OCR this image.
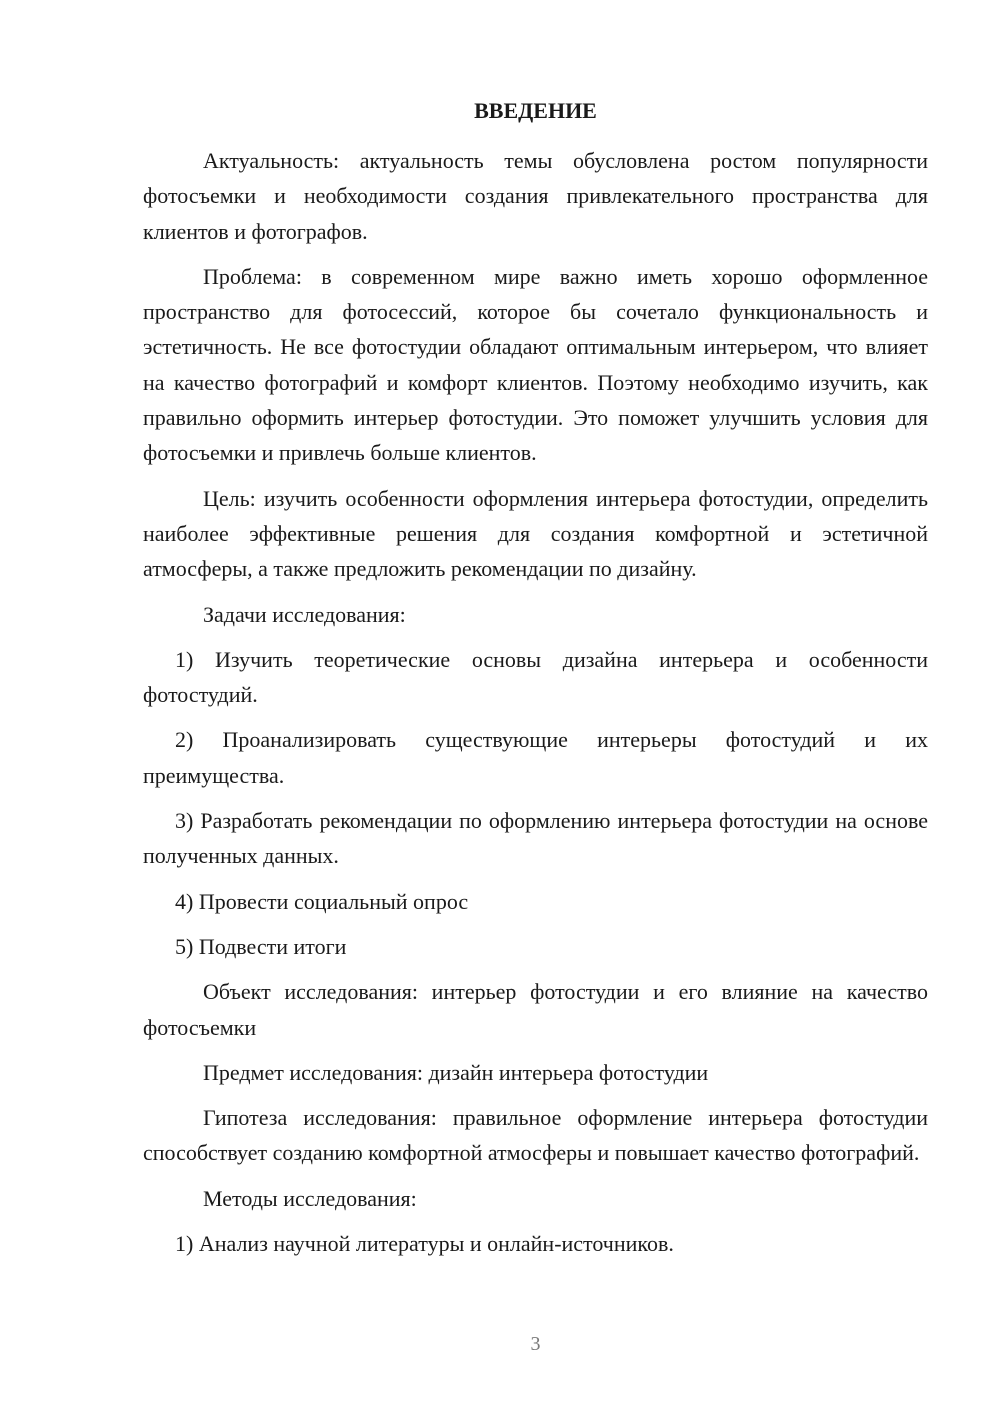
ВВЕДЕНИЕ

Актуальность: актуальность темы обусловлена ростом популярности фотосъемки и необходимости создания привлекательного пространства для клиентов и фотографов.

Проблема: в современном мире важно иметь хорошо оформленное пространство для фотосессий, которое бы сочетало функциональность и эстетичность. Не все фотостудии обладают оптимальным интерьером, что влияет на качество фотографий и комфорт клиентов. Поэтому необходимо изучить, как правильно оформить интерьер фотостудии. Это поможет улучшить условия для фотосъемки и привлечь больше клиентов.

Цель: изучить особенности оформления интерьера фотостудии, определить наиболее эффективные решения для создания комфортной и эстетичной атмосферы, а также предложить рекомендации по дизайну.

Задачи исследования:

1) Изучить теоретические основы дизайна интерьера и особенности фотостудий.

2) Проанализировать существующие интерьеры фотостудий и их преимущества.

3) Разработать рекомендации по оформлению интерьера фотостудии на основе полученных данных.

4) Провести социальный опрос

5) Подвести итоги

Объект исследования: интерьер фотостудии и его влияние на качество фотосъемки

Предмет исследования: дизайн интерьера фотостудии

Гипотеза исследования: правильное оформление интерьера фотостудии способствует созданию комфортной атмосферы и повышает качество фотографий.

Методы исследования:

1) Анализ научной литературы и онлайн-источников.

3
